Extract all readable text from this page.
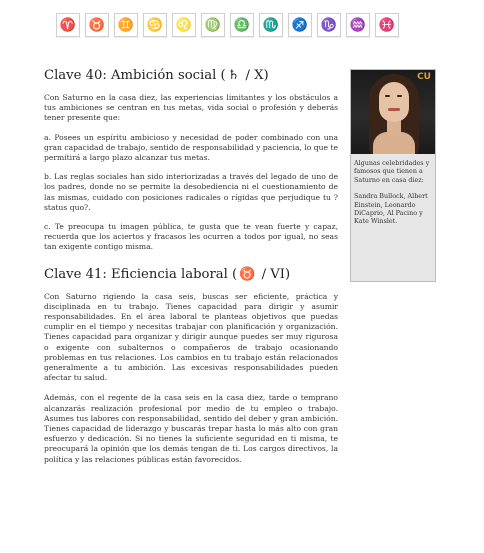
♈ ♉ ♊ ♋ ♌ ♍ ♎ ♏ ♐ ♑ ♒ ♓
Clave 40: Ambición social ( ♄ / X)

Con Saturno en la casa diez, las experiencias limitantes y los obstáculos a tus ambiciones se centran en tus metas, vida social o profesión y deberás tener presente que:

a. Posees un espíritu ambicioso y necesidad de poder combinado con una gran capacidad de trabajo, sentido de responsabilidad y paciencia, lo que te permitirá a largo plazo alcanzar tus metas.

b. Las reglas sociales han sido interiorizadas a través del legado de uno de los padres, donde no se permite la desobediencia ni el cuestionamiento de las mismas, cuidado con posiciones radicales o rígidas que perjudique tu ?status quo?.

c. Te preocupa tu imagen pública, te gusta que te vean fuerte y capaz, recuerda que los aciertos y fracasos les ocurren a todos por igual, no seas tan exigente contigo misma.

Clave 41: Eficiencia laboral ( ♉ / VI)

Con Saturno rigiendo la casa seis, buscas ser eficiente, práctica y disciplinada en tu trabajo. Tienes capacidad para dirigir y asumir responsabilidades. En el área laboral te planteas objetivos que puedas cumplir en el tiempo y necesitas trabajar con planificación y organización. Tienes capacidad para organizar y dirigir aunque puedes ser muy rigurosa o exigente con subalternos o compañeros de trabajo ocasionando problemas en tus relaciones. Los cambios en tu trabajo están relacionados generalmente a tu ambición. Las excesivas responsabilidades pueden afectar tu salud.

Además, con el regente de la casa seis en la casa diez, tarde o temprano alcanzarás realización profesional por medio de tu empleo o trabajo. Asumes tus labores con responsabilidad, sentido del deber y gran ambición. Tienes capacidad de liderazgo y buscarás trepar hasta lo más alto con gran esfuerzo y dedicación. Si no tienes la suficiente seguridad en ti misma, te preocupará la opinión que los demás tengan de ti. Los cargos directivos, la política y las relaciones públicas están favorecidos.

CU
Algunas celebridades y famosos que tienen a Saturno en casa diez:
Sandra Bullock, Albert Einstein, Leonardo DiCaprio, Al Pacino y Kate Winslet.
